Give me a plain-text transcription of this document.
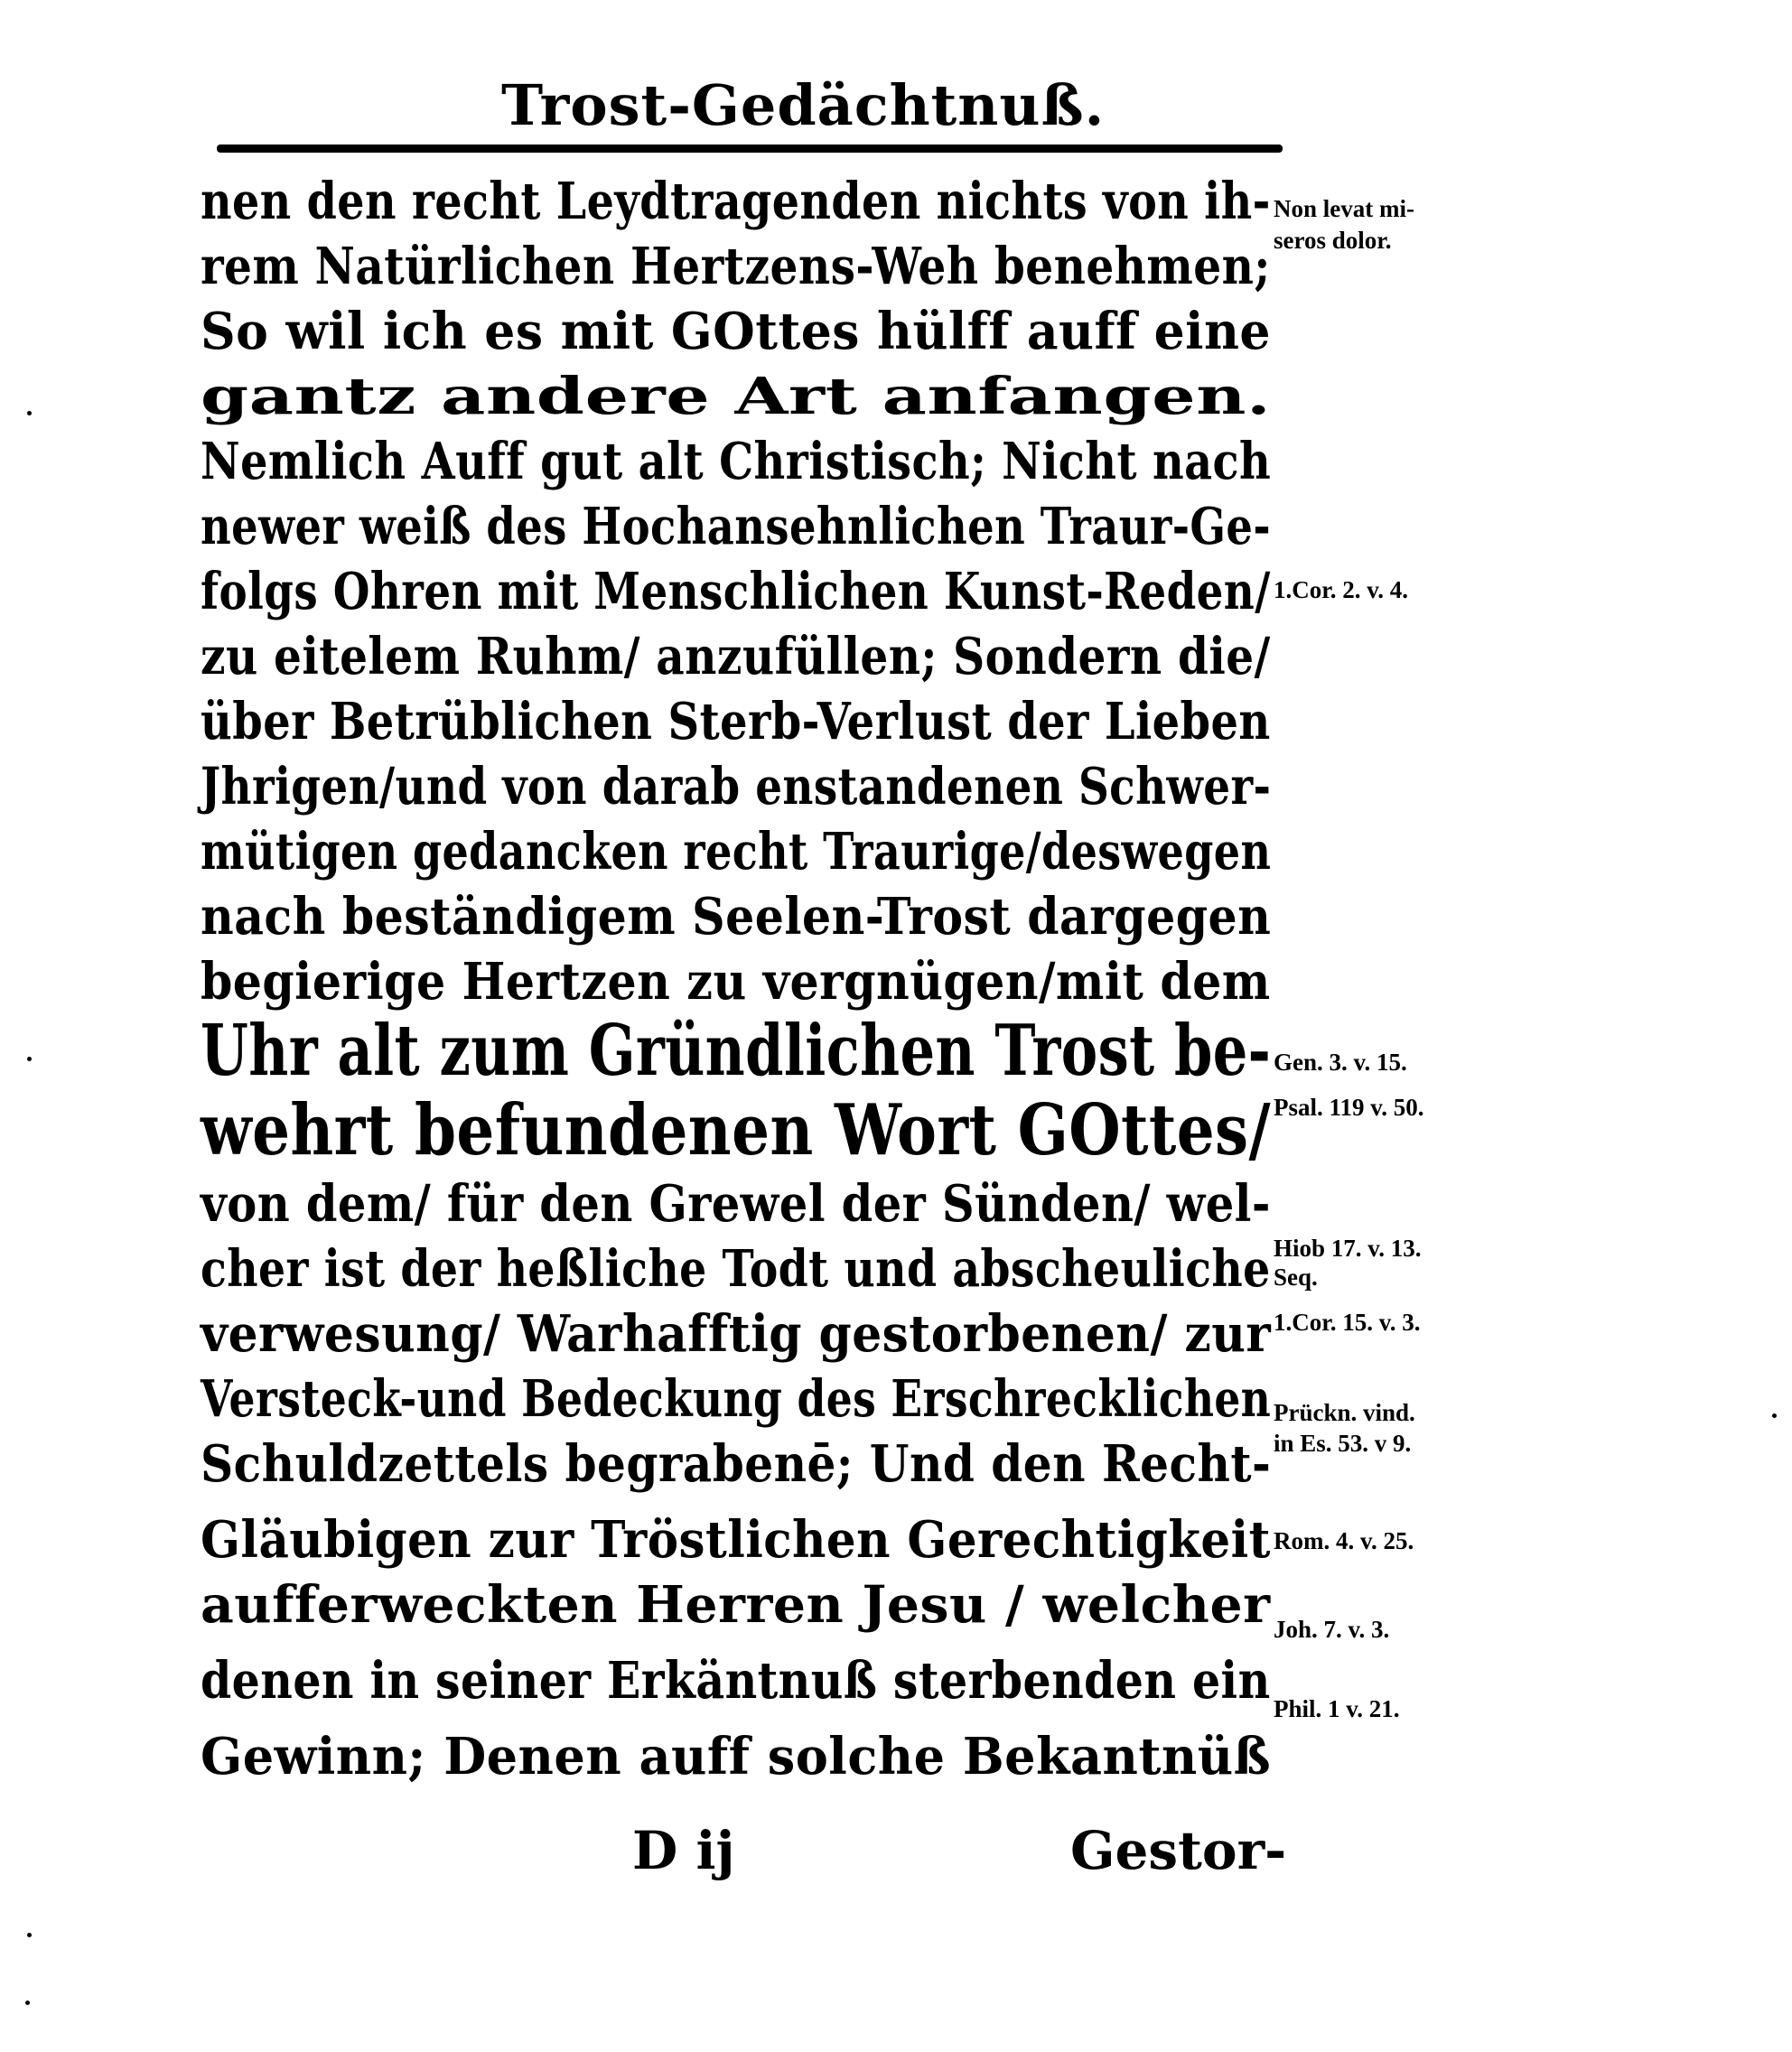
Trost-Gedächtnuß.
nen den recht Leydtragenden nichts von ih-
rem Natürlichen Hertzens-Weh benehmen;
So wil ich es mit GOttes hülff auff eine
gantz andere Art anfangen.
Nemlich Auff gut alt Christisch; Nicht nach
newer weiß des Hochansehnlichen Traur-Ge-
folgs Ohren mit Menschlichen Kunst-Reden/
zu eitelem Ruhm/ anzufüllen; Sondern die/
über Betrüblichen Sterb-Verlust der Lieben
Jhrigen/und von darab enstandenen Schwer-
mütigen gedancken recht Traurige/deswegen
nach beständigem Seelen-Trost dargegen
begierige Hertzen zu vergnügen/mit dem
Uhr alt zum Gründlichen Trost be-
wehrt befundenen Wort GOttes/
von dem/ für den Grewel der Sünden/ wel-
cher ist der heßliche Todt und abscheuliche
verwesung/ Warhafftig gestorbenen/ zur
Versteck-und Bedeckung des Erschrecklichen
Schuldzettels begrabenē; Und den Recht-
Gläubigen zur Tröstlichen Gerechtigkeit
aufferweckten Herren Jesu / welcher
denen in seiner Erkäntnuß sterbenden ein
Gewinn; Denen auff solche Bekantnüß
Non levat mi-
seros dolor.
1.Cor. 2. v. 4.
Gen. 3. v. 15.
Psal. 119 v. 50.
Hiob 17. v. 13.
Seq.
1.Cor. 15. v. 3.
Prückn. vind.
in Es. 53. v 9.
Rom. 4. v. 25.
Joh. 7. v. 3.
Phil. 1 v. 21.
D ij	Gestor-
